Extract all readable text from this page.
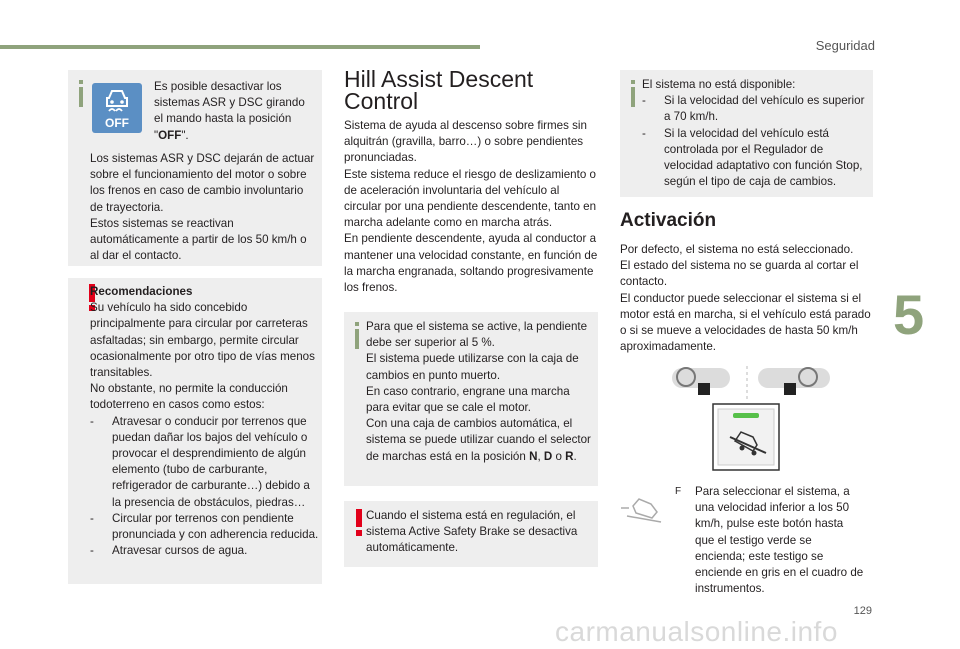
Seguridad
5
129
OFF
Es posible desactivar los sistemas ASR y DSC girando el mando hasta la posición "OFF".
Los sistemas ASR y DSC dejarán de actuar sobre el funcionamiento del motor o sobre los frenos en caso de cambio involuntario de trayectoria.
Estos sistemas se reactivan automáticamente a partir de los 50 km/h o al dar el contacto.
Recomendaciones
Su vehículo ha sido concebido principalmente para circular por carreteras asfaltadas; sin embargo, permite circular ocasionalmente por otro tipo de vías menos transitables.
No obstante, no permite la conducción todoterreno en casos como estos:
- Atravesar o conducir por terrenos que puedan dañar los bajos del vehículo o provocar el desprendimiento de algún elemento (tubo de carburante, refrigerador de carburante…) debido a la presencia de obstáculos, piedras…
- Circular por terrenos con pendiente pronunciada y con adherencia reducida.
- Atravesar cursos de agua.
Hill Assist Descent Control
Sistema de ayuda al descenso sobre firmes sin alquitrán (gravilla, barro…) o sobre pendientes pronunciadas.
Este sistema reduce el riesgo de deslizamiento o de aceleración involuntaria del vehículo al circular por una pendiente descendente, tanto en marcha adelante como en marcha atrás.
En pendiente descendente, ayuda al conductor a mantener una velocidad constante, en función de la marcha engranada, soltando progresivamente los frenos.
Para que el sistema se active, la pendiente debe ser superior al 5 %.
El sistema puede utilizarse con la caja de cambios en punto muerto.
En caso contrario, engrane una marcha para evitar que se cale el motor.
Con una caja de cambios automática, el sistema se puede utilizar cuando el selector de marchas está en la posición N, D o R.
Cuando el sistema está en regulación, el sistema Active Safety Brake se desactiva automáticamente.
El sistema no está disponible:
- Si la velocidad del vehículo es superior a 70 km/h.
- Si la velocidad del vehículo está controlada por el Regulador de velocidad adaptativo con función Stop, según el tipo de caja de cambios.
Activación
Por defecto, el sistema no está seleccionado.
El estado del sistema no se guarda al cortar el contacto.
El conductor puede seleccionar el sistema si el motor está en marcha, si el vehículo está parado o si se mueve a velocidades de hasta 50 km/h aproximadamente.
F Para seleccionar el sistema, a una velocidad inferior a los 50 km/h, pulse este botón hasta que el testigo verde se encienda; este testigo se enciende en gris en el cuadro de instrumentos.
carmanualsonline.info
